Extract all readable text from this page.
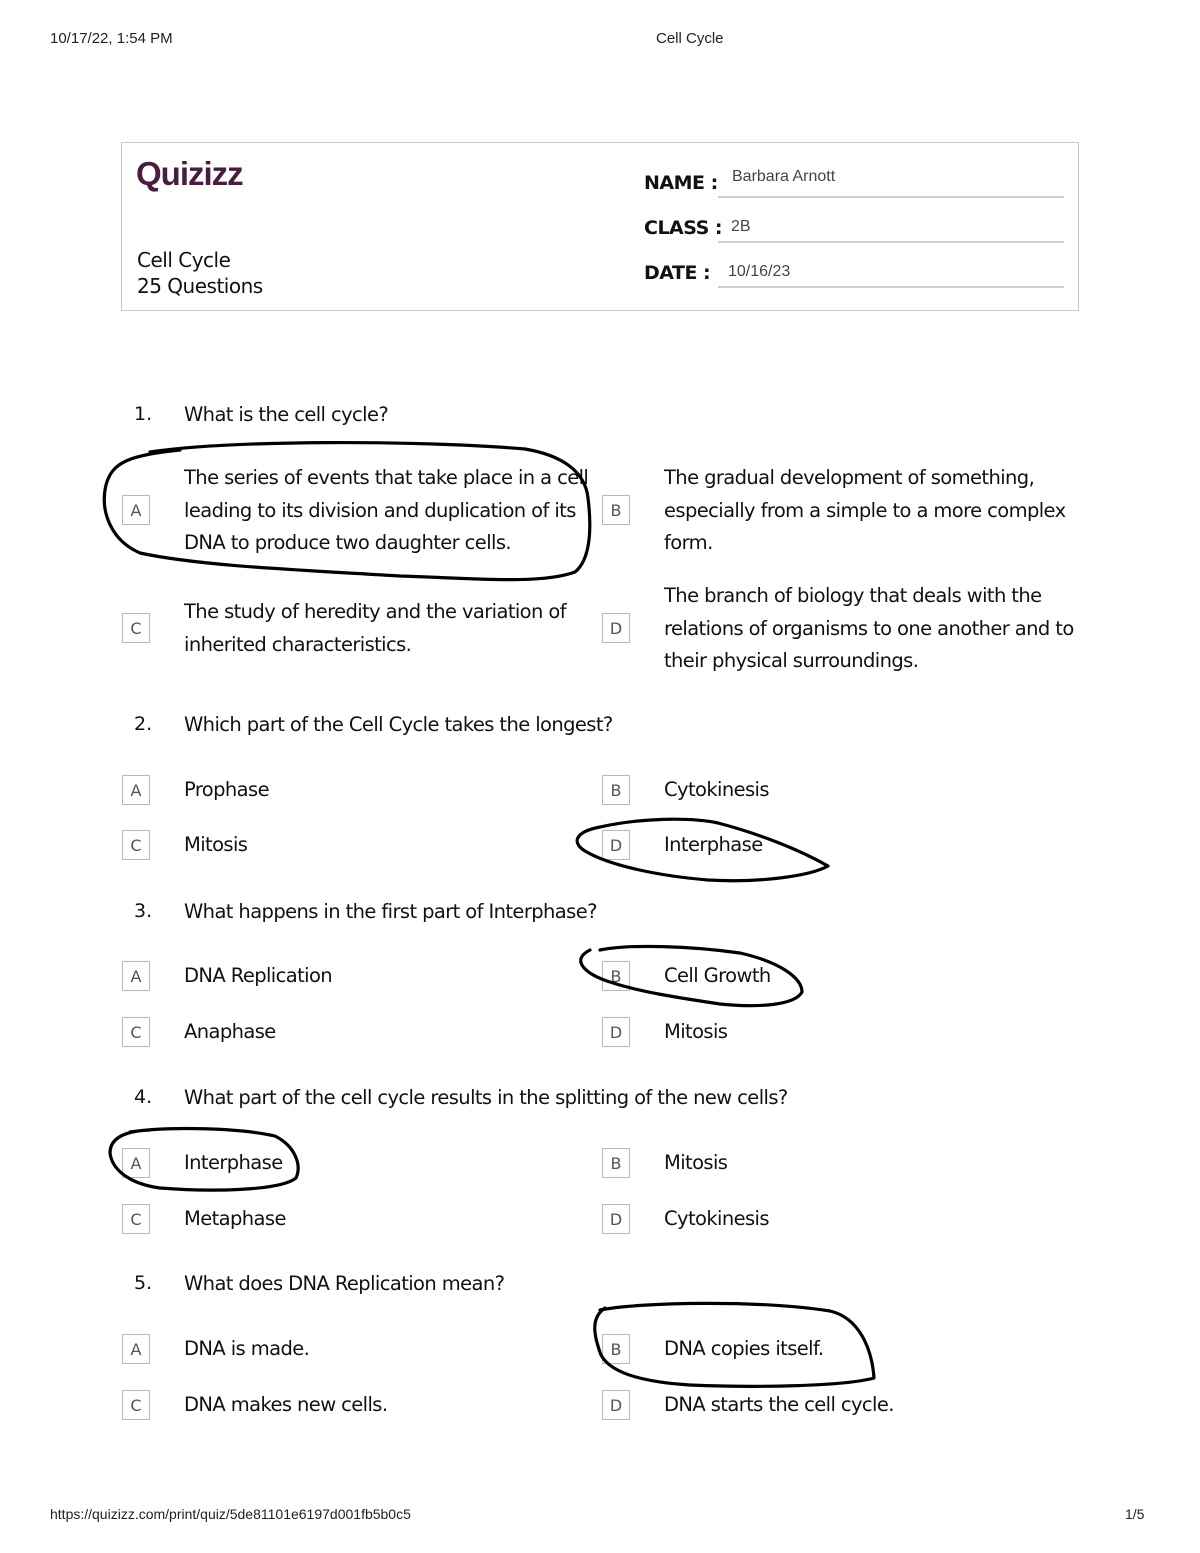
10/17/22, 1:54 PM	Cell Cycle
Quizizz
Cell Cycle
25 Questions
NAME : Barbara Arnott
CLASS : 2B
DATE : 10/16/23
1. What is the cell cycle?
A
The series of events that take place in a cell leading to its division and duplication of its DNA to produce two daughter cells.
B
The gradual development of something, especially from a simple to a more complex form.
C
The study of heredity and the variation of inherited characteristics.
D
The branch of biology that deals with the relations of organisms to one another and to their physical surroundings.
2. Which part of the Cell Cycle takes the longest?
A	Prophase	B	Cytokinesis
C	Mitosis	D	Interphase
3. What happens in the first part of Interphase?
A	DNA Replication	B	Cell Growth
C	Anaphase	D	Mitosis
4. What part of the cell cycle results in the splitting of the new cells?
A	Interphase	B	Mitosis
C	Metaphase	D	Cytokinesis
5. What does DNA Replication mean?
A	DNA is made.	B	DNA copies itself.
C	DNA makes new cells.	D	DNA starts the cell cycle.
https://quizizz.com/print/quiz/5de81101e6197d001fb5b0c5	1/5
